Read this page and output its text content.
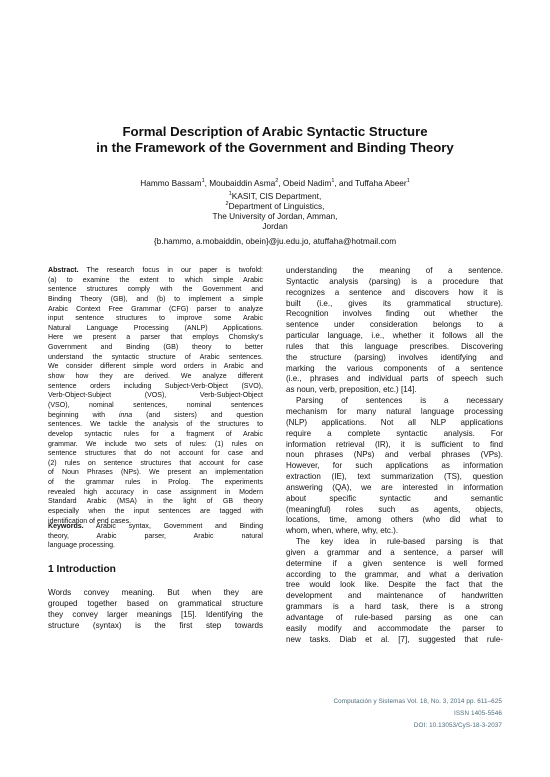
Formal Description of Arabic Syntactic Structure
in the Framework of the Government and Binding Theory
Hammo Bassam$^1$, Moubaiddin Asma$^2$, Obeid Nadim$^1$, and Tuffaha Abeer$^1$
$^1$KASIT, CIS Department,
$^2$Department of Linguistics,
The University of Jordan, Amman,
Jordan
{b.hammo, a.mobaiddin, obein}@ju.edu.jo, atuffaha@hotmail.com
Abstract. The research focus in our paper is twofold:
(a) to examine the extent to which simple Arabic
sentence structures comply with the Government and
Binding Theory (GB), and (b) to implement a simple
Arabic Context Free Grammar (CFG) parser to analyze
input sentence structures to improve some Arabic
Natural Language Processing (ANLP) Applications.
Here we present a parser that employs Chomsky's
Government and Binding (GB) theory to better
understand the syntactic structure of Arabic sentences.
We consider different simple word orders in Arabic and
show how they are derived. We analyze different
sentence orders including Subject-Verb-Object (SVO),
Verb-Object-Subject (VOS), Verb-Subject-Object
(VSO), nominal sentences, nominal sentences
beginning with inna (and sisters) and question
sentences. We tackle the analysis of the structures to
develop syntactic rules for a fragment of Arabic
grammar. We include two sets of rules: (1) rules on
sentence structures that do not account for case and
(2) rules on sentence structures that account for case
of Noun Phrases (NPs). We present an implementation
of the grammar rules in Prolog. The experiments
revealed high accuracy in case assignment in Modern
Standard Arabic (MSA) in the light of GB theory
especially when the input sentences are tagged with
identification of end cases.
Keywords. Arabic syntax, Government and Binding
theory, Arabic parser, Arabic natural
language processing.
1 Introduction
Words convey meaning. But when they are
grouped together based on grammatical structure
they convey larger meanings [15]. Identifying the
structure (syntax) is the first step towards
understanding the meaning of a sentence.
Syntactic analysis (parsing) is a procedure that
recognizes a sentence and discovers how it is
built (i.e., gives its grammatical structure).
Recognition involves finding out whether the
sentence under consideration belongs to a
particular language, i.e., whether it follows all the
rules that this language prescribes. Discovering
the structure (parsing) involves identifying and
marking the various components of a sentence
(i.e., phrases and individual parts of speech such
as noun, verb, preposition, etc.) [14].
Parsing of sentences is a necessary
mechanism for many natural language processing
(NLP) applications. Not all NLP applications
require a complete syntactic analysis. For
information retrieval (IR), it is sufficient to find
noun phrases (NPs) and verbal phrases (VPs).
However, for such applications as information
extraction (IE), text summarization (TS), question
answering (QA), we are interested in information
about specific syntactic and semantic
(meaningful) roles such as agents, objects,
locations, time, among others (who did what to
whom, when, where, why, etc.).
The key idea in rule-based parsing is that
given a grammar and a sentence, a parser will
determine if a given sentence is well formed
according to the grammar, and what a derivation
tree would look like. Despite the fact that the
development and maintenance of handwritten
grammars is a hard task, there is a strong
advantage of rule-based parsing as one can
easily modify and accommodate the parser to
new tasks. Diab et al. [7], suggested that rule-
Computación y Sistemas Vol. 18, No. 3, 2014 pp. 611–625
ISSN 1405-5546
DOI: 10.13053/CyS-18-3-2037
